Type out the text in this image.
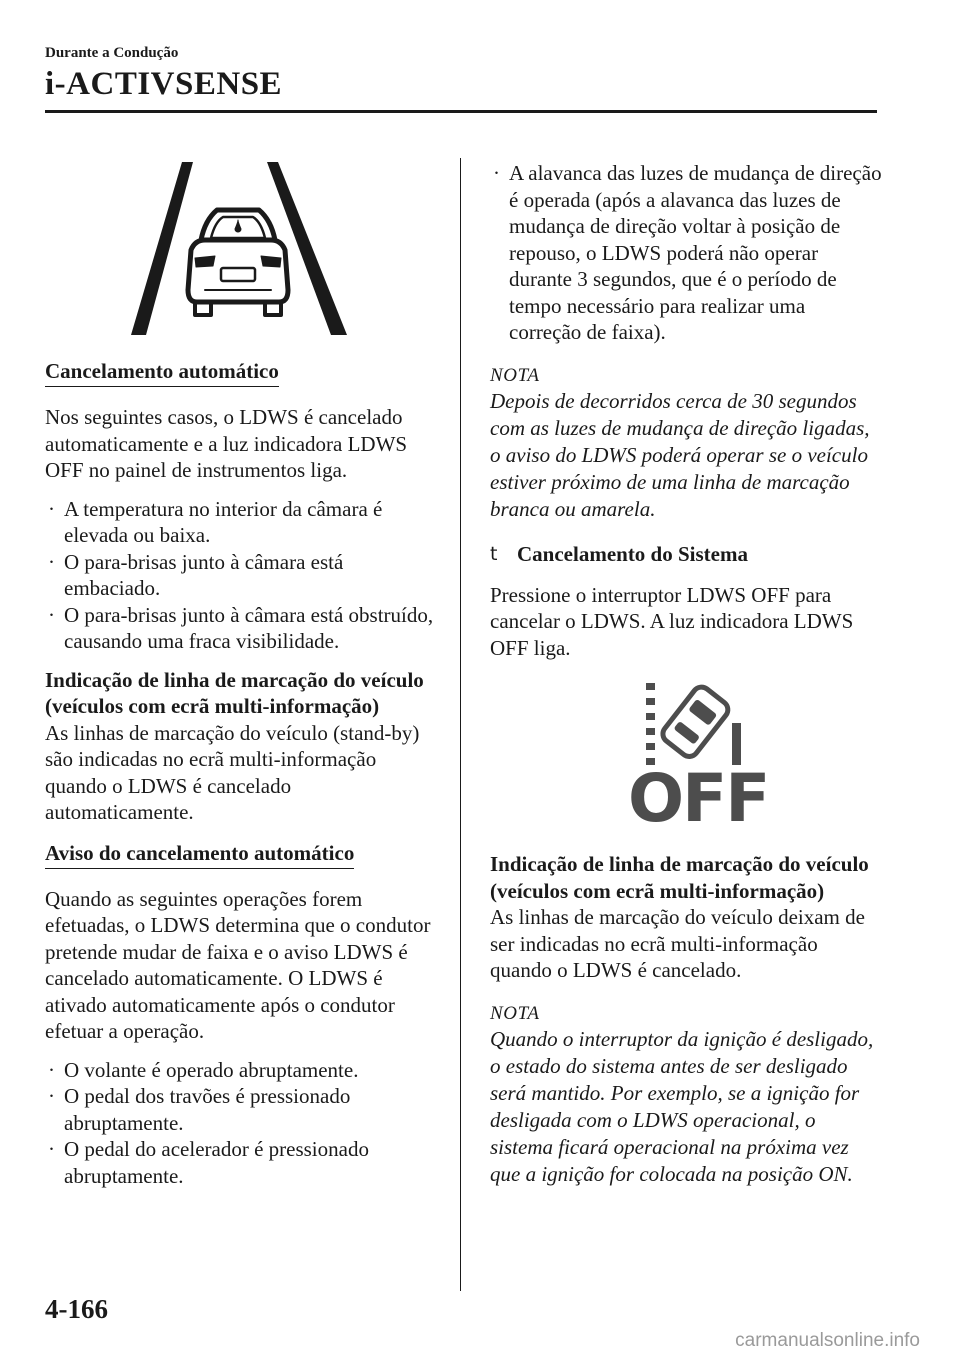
Durante a Condução
i-ACTIVSENSE
Cancelamento automático

Nos seguintes casos, o LDWS é cancelado automaticamente e a luz indicadora LDWS OFF no painel de instrumentos liga.

· A temperatura no interior da câmara é elevada ou baixa.
· O para-brisas junto à câmara está embaciado.
· O para-brisas junto à câmara está obstruído, causando uma fraca visibilidade.
Indicação de linha de marcação do veículo (veículos com ecrã multi-informação)

As linhas de marcação do veículo (stand-by) são indicadas no ecrã multi-informação quando o LDWS é cancelado automaticamente.

Aviso do cancelamento automático

Quando as seguintes operações forem efetuadas, o LDWS determina que o condutor pretende mudar de faixa e o aviso LDWS é cancelado automaticamente. O LDWS é ativado automaticamente após o condutor efetuar a operação.

· O volante é operado abruptamente.
· O pedal dos travões é pressionado abruptamente.
· O pedal do acelerador é pressionado abruptamente.
· A alavanca das luzes de mudança de direção é operada (após a alavanca das luzes de mudança de direção voltar à posição de repouso, o LDWS poderá não operar durante 3 segundos, que é o período de tempo necessário para realizar uma correção de faixa).
NOTA
Depois de decorridos cerca de 30 segundos com as luzes de mudança de direção ligadas, o aviso do LDWS poderá operar se o veículo estiver próximo de uma linha de marcação branca ou amarela.
t Cancelamento do Sistema

Pressione o interruptor LDWS OFF para cancelar o LDWS. A luz indicadora LDWS OFF liga.

OFF
Indicação de linha de marcação do veículo (veículos com ecrã multi-informação)

As linhas de marcação do veículo deixam de ser indicadas no ecrã multi-informação quando o LDWS é cancelado.

NOTA
Quando o interruptor da ignição é desligado, o estado do sistema antes de ser desligado será mantido. Por exemplo, se a ignição for desligada com o LDWS operacional, o sistema ficará operacional na próxima vez que a ignição for colocada na posição ON.
4-166
carmanualsonline.info
